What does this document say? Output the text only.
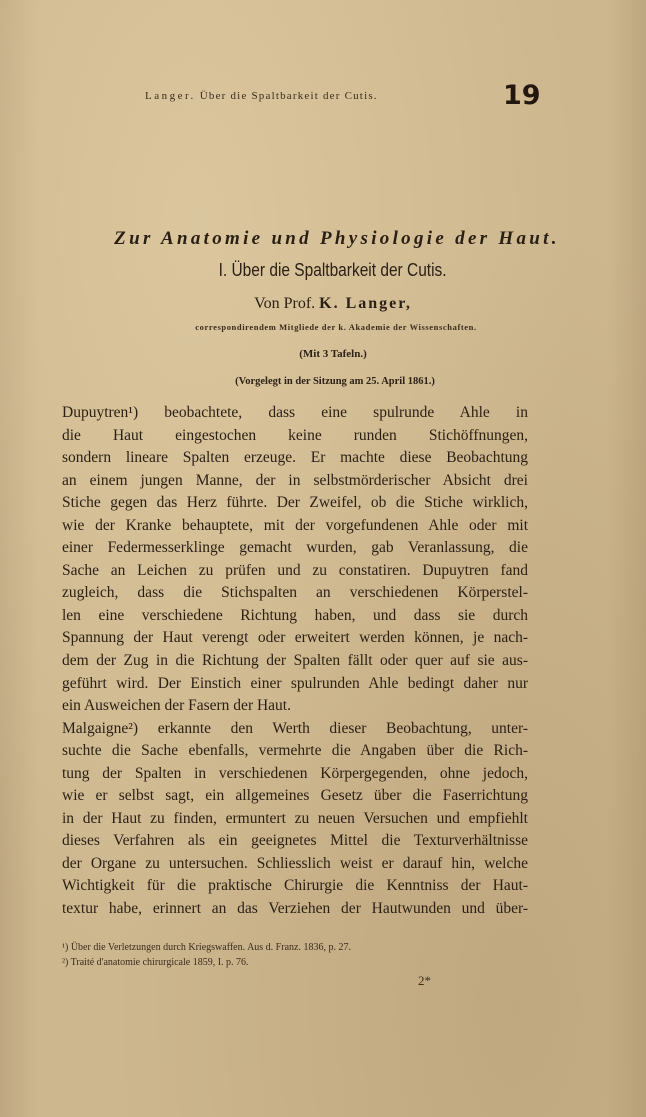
Langer. Über die Spaltbarkeit der Cutis.	19
Zur Anatomie und Physiologie der Haut.
I. Über die Spaltbarkeit der Cutis.
Von Prof. K. Langer,
correspondirendem Mitgliede der k. Akademie der Wissenschaften.
(Mit 3 Tafeln.)
(Vorgelegt in der Sitzung am 25. April 1861.)
Dupuytren¹) beobachtete, dass eine spulrunde Ahle in
die Haut eingestochen keine runden Stichöffnungen,
sondern lineare Spalten erzeuge. Er machte diese Beobachtung
an einem jungen Manne, der in selbstmörderischer Absicht drei
Stiche gegen das Herz führte. Der Zweifel, ob die Stiche wirklich,
wie der Kranke behauptete, mit der vorgefundenen Ahle oder mit
einer Federmesserklinge gemacht wurden, gab Veranlassung, die
Sache an Leichen zu prüfen und zu constatiren. Dupuytren fand
zugleich, dass die Stichspalten an verschiedenen Körperstel-
len eine verschiedene Richtung haben, und dass sie durch
Spannung der Haut verengt oder erweitert werden können, je nach-
dem der Zug in die Richtung der Spalten fällt oder quer auf sie aus-
geführt wird. Der Einstich einer spulrunden Ahle bedingt daher nur
ein Ausweichen der Fasern der Haut.
Malgaigne²) erkannte den Werth dieser Beobachtung, unter-
suchte die Sache ebenfalls, vermehrte die Angaben über die Rich-
tung der Spalten in verschiedenen Körpergegenden, ohne jedoch,
wie er selbst sagt, ein allgemeines Gesetz über die Faserrichtung
in der Haut zu finden, ermuntert zu neuen Versuchen und empfiehlt
dieses Verfahren als ein geeignetes Mittel die Texturverhältnisse
der Organe zu untersuchen. Schliesslich weist er darauf hin, welche
Wichtigkeit für die praktische Chirurgie die Kenntniss der Haut-
textur habe, erinnert an das Verziehen der Hautwunden und über-
¹) Über die Verletzungen durch Kriegswaffen. Aus d. Franz. 1836, p. 27.
²) Traité d'anatomie chirurgicale 1859, I. p. 76.
2*
